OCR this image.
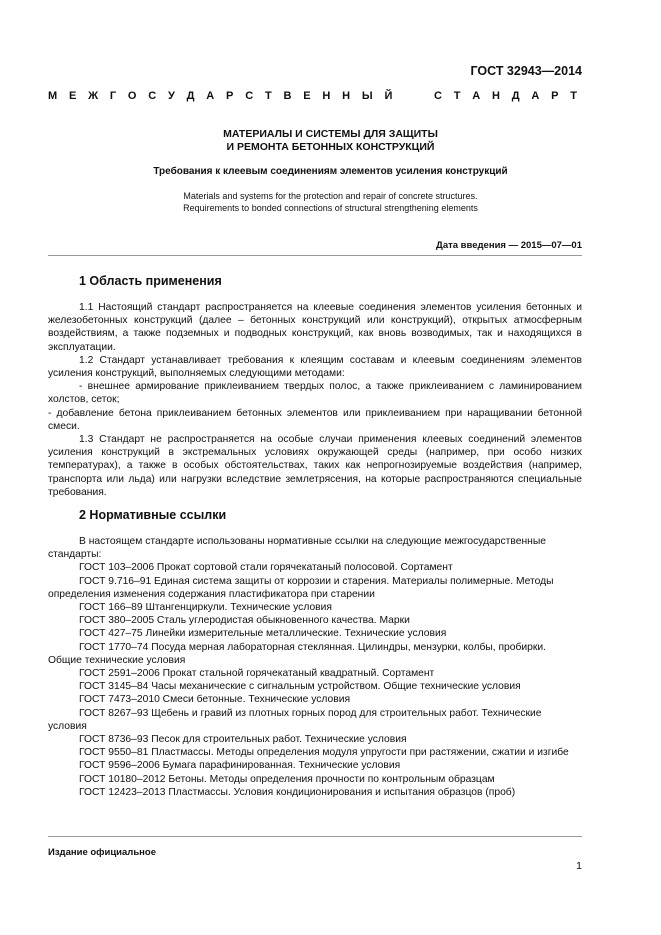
ГОСТ 32943—2014
М Е Ж Г О С У Д А Р С Т В Е Н Н Ы Й	С Т А Н Д А Р Т
МАТЕРИАЛЫ И СИСТЕМЫ ДЛЯ ЗАЩИТЫ
И РЕМОНТА БЕТОННЫХ КОНСТРУКЦИЙ
Требования к клеевым соединениям элементов усиления конструкций
Materials and systems for the protection and repair of concrete structures.
Requirements to bonded connections of structural strengthening elements
Дата введения — 2015—07—01
1 Область применения

1.1 Настоящий стандарт распространяется на клеевые соединения элементов усиления бетонных и железобетонных конструкций (далее – бетонных конструкций или конструкций), открытых атмосферным воздействиям, а также подземных и подводных конструкций, как вновь возводимых, так и находящихся в эксплуатации.

1.2 Стандарт устанавливает требования к клеящим составам и клеевым соединениям элементов усиления конструкций, выполняемых следующими методами:

- внешнее армирование приклеиванием твердых полос, а также приклеиванием с ламинированием холстов, сеток;

- добавление бетона приклеиванием бетонных элементов или приклеиванием при наращивании бетонной смеси.

1.3 Стандарт не распространяется на особые случаи применения клеевых соединений элементов усиления конструкций в экстремальных условиях окружающей среды (например, при особо низких температурах), а также в особых обстоятельствах, таких как непрогнозируемые воздействия (например, транспорта или льда) или нагрузки вследствие землетрясения, на которые распространяются специальные требования.

2 Нормативные ссылки
В настоящем стандарте использованы нормативные ссылки на следующие межгосударственные стандарты:
ГОСТ 103–2006 Прокат сортовой стали горячекатаный полосовой. Сортамент
ГОСТ 9.716–91 Единая система защиты от коррозии и старения. Материалы полимерные. Методы определения изменения содержания пластификатора при старении
ГОСТ 166–89 Штангенциркули. Технические условия
ГОСТ 380–2005 Сталь углеродистая обыкновенного качества. Марки
ГОСТ 427–75 Линейки измерительные металлические. Технические условия
ГОСТ 1770–74 Посуда мерная лабораторная стеклянная. Цилиндры, мензурки, колбы, пробирки. Общие технические условия
ГОСТ 2591–2006 Прокат стальной горячекатаный квадратный. Сортамент
ГОСТ 3145–84 Часы механические с сигнальным устройством. Общие технические условия
ГОСТ 7473–2010 Смеси бетонные. Технические условия
ГОСТ 8267–93 Щебень и гравий из плотных горных пород для строительных работ. Технические условия
ГОСТ 8736–93 Песок для строительных работ. Технические условия
ГОСТ 9550–81 Пластмассы. Методы определения модуля упругости при растяжении, сжатии и изгибе
ГОСТ 9596–2006 Бумага парафинированная. Технические условия
ГОСТ 10180–2012 Бетоны. Методы определения прочности по контрольным образцам
ГОСТ 12423–2013 Пластмассы. Условия кондиционирования и испытания образцов (проб)
Издание официальное
1
